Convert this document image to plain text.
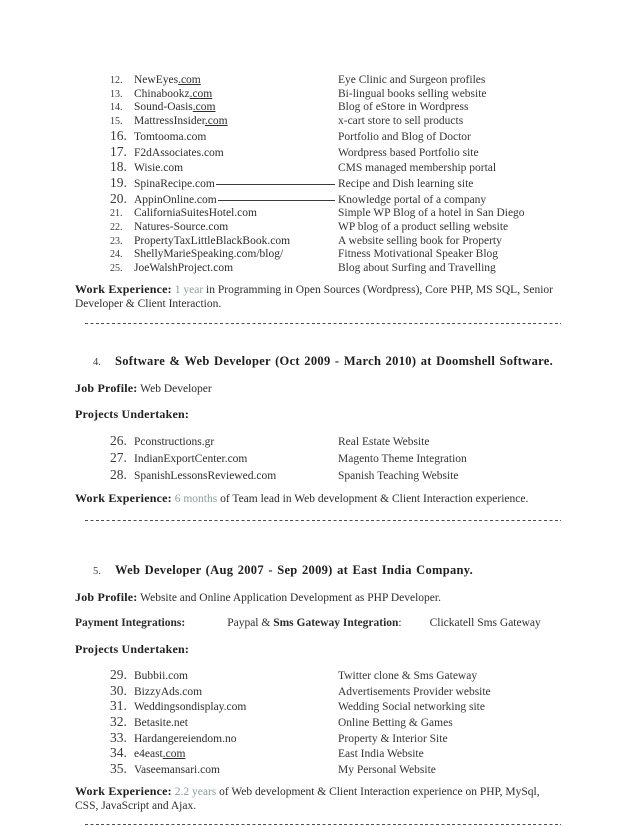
12.	NewEyes.com	Eye Clinic and Surgeon profiles
13.	Chinabookz.com	Bi-lingual books selling website
14.	Sound-Oasis.com	Blog of eStore in Wordpress
15.	MattressInsider.com	x-cart store to sell products
16. Tomtooma.com	Portfolio and Blog of Doctor
17. F2dAssociates.com	Wordpress based Portfolio site
18. Wisie.com	CMS managed membership portal
19. SpinaRecipe.com	Recipe and Dish learning site
20. AppinOnline.com	Knowledge portal of a company
21.	CaliforniaSuitesHotel.com	Simple WP Blog of a hotel in San Diego
22.	Natures-Source.com	WP blog of a product selling website
23.	PropertyTaxLittleBlackBook.com	A website selling book for Property
24.	ShellyMarieSpeaking.com/blog/	Fitness Motivational Speaker Blog
25.	JoeWalshProject.com	Blog about Surfing and Travelling

Work Experience: 1 year in Programming in Open Sources (Wordpress), Core PHP, MS SQL, Senior Developer & Client Interaction.

4.	Software & Web Developer (Oct 2009 - March 2010) at Doomshell Software.

Job Profile: Web Developer

Projects Undertaken:

26. Pconstructions.gr	Real Estate Website
27. IndianExportCenter.com	Magento Theme Integration
28. SpanishLessonsReviewed.com	Spanish Teaching Website

Work Experience: 6 months of Team lead in Web development & Client Interaction experience.

5.	Web Developer (Aug 2007 - Sep 2009) at East India Company.

Job Profile: Website and Online Application Development as PHP Developer.

Payment Integrations:	Paypal & Sms Gateway Integration: Clickatell Sms Gateway

Projects Undertaken:

29. Bubbii.com	Twitter clone & Sms Gateway
30. BizzyAds.com	Advertisements Provider website
31. Weddingsondisplay.com	Wedding Social networking site
32. Betasite.net	Online Betting & Games
33. Hardangereiendom.no	Property & Interior Site
34. e4east.com	East India Website
35. Vaseemansari.com	My Personal Website

Work Experience: 2.2 years of Web development & Client Interaction experience on PHP, MySql, CSS, JavaScript and Ajax.
